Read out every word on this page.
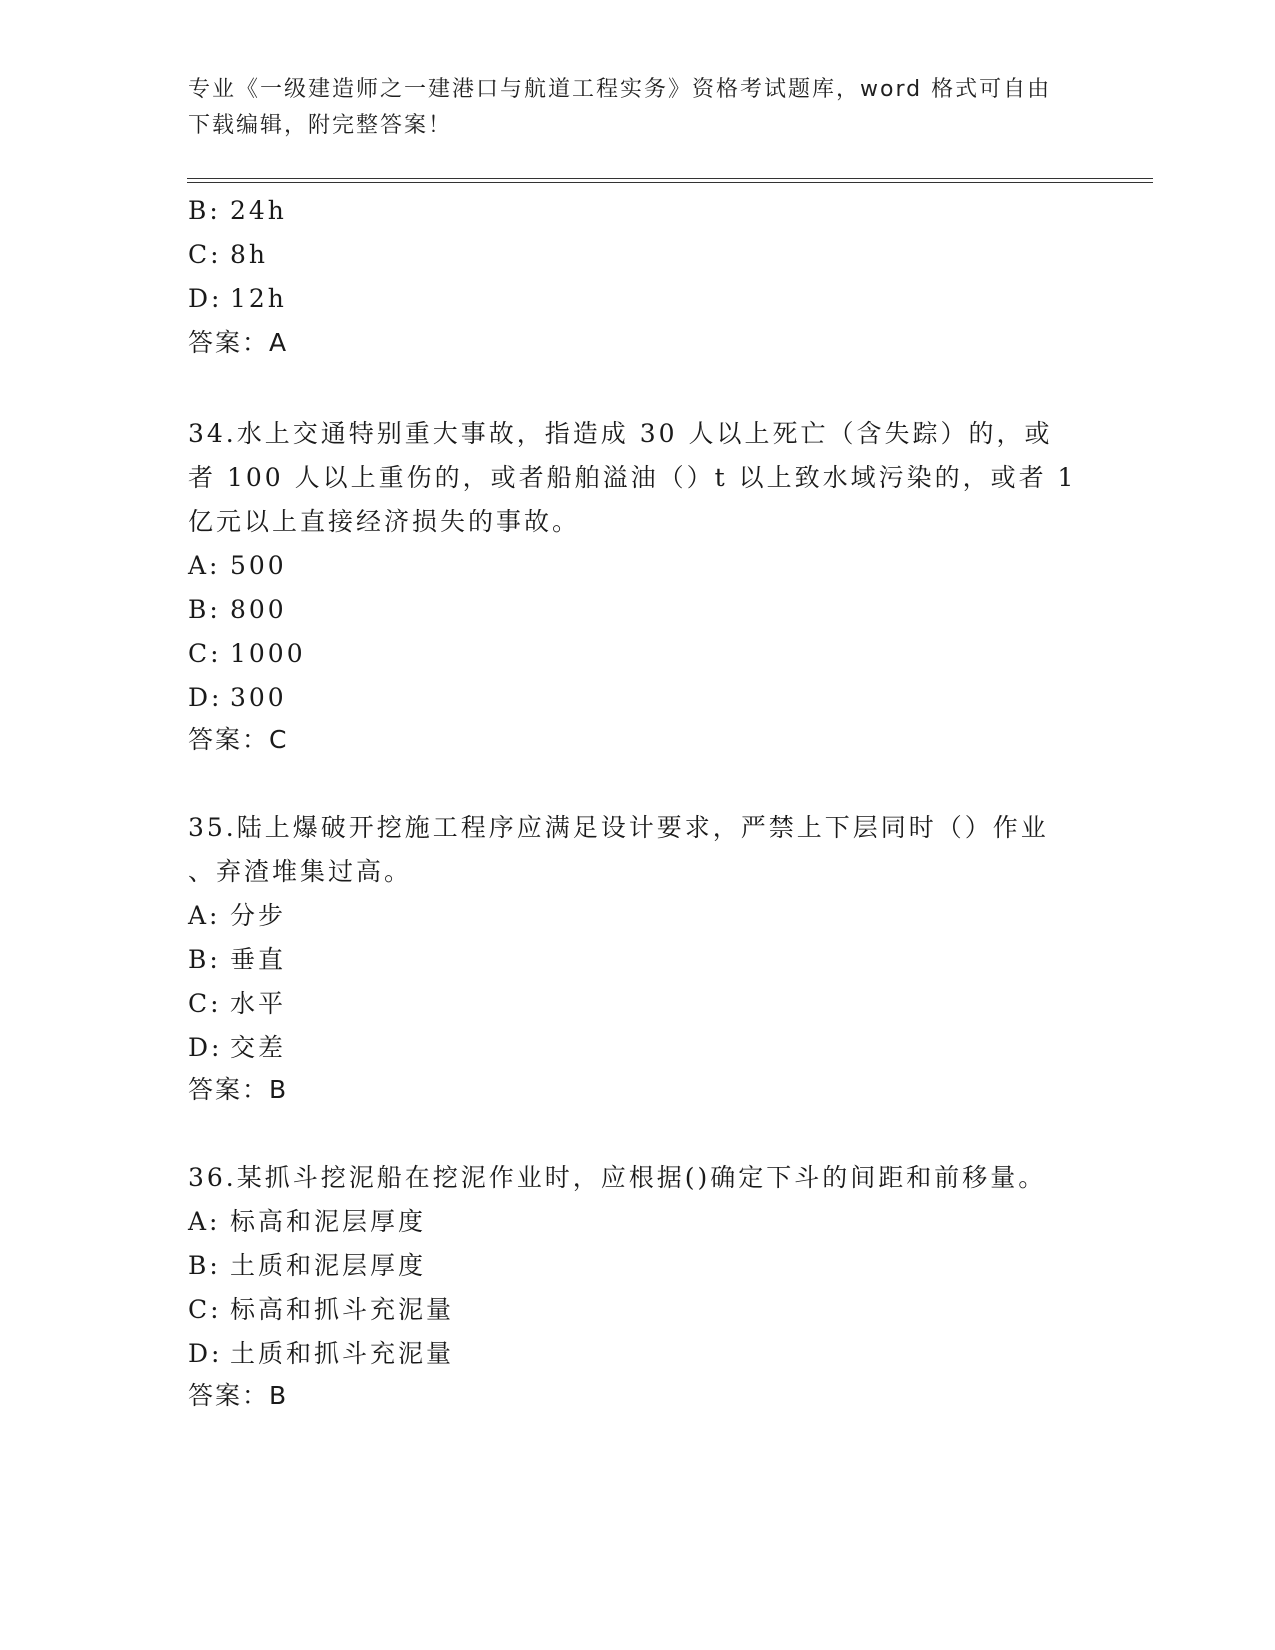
专业《一级建造师之一建港口与航道工程实务》资格考试题库，word 格式可自由
下载编辑，附完整答案！
B: 24h
C: 8h
D: 12h
答案：A
34.水上交通特别重大事故，指造成 30 人以上死亡（含失踪）的，或
者 100 人以上重伤的，或者船舶溢油（）t 以上致水域污染的，或者 1
亿元以上直接经济损失的事故。
A: 500
B: 800
C: 1000
D: 300
答案：C
35.陆上爆破开挖施工程序应满足设计要求，严禁上下层同时（）作业
、弃渣堆集过高。
A: 分步
B: 垂直
C: 水平
D: 交差
答案：B
36.某抓斗挖泥船在挖泥作业时，应根据()确定下斗的间距和前移量。
A: 标高和泥层厚度
B: 土质和泥层厚度
C: 标高和抓斗充泥量
D: 土质和抓斗充泥量
答案：B
